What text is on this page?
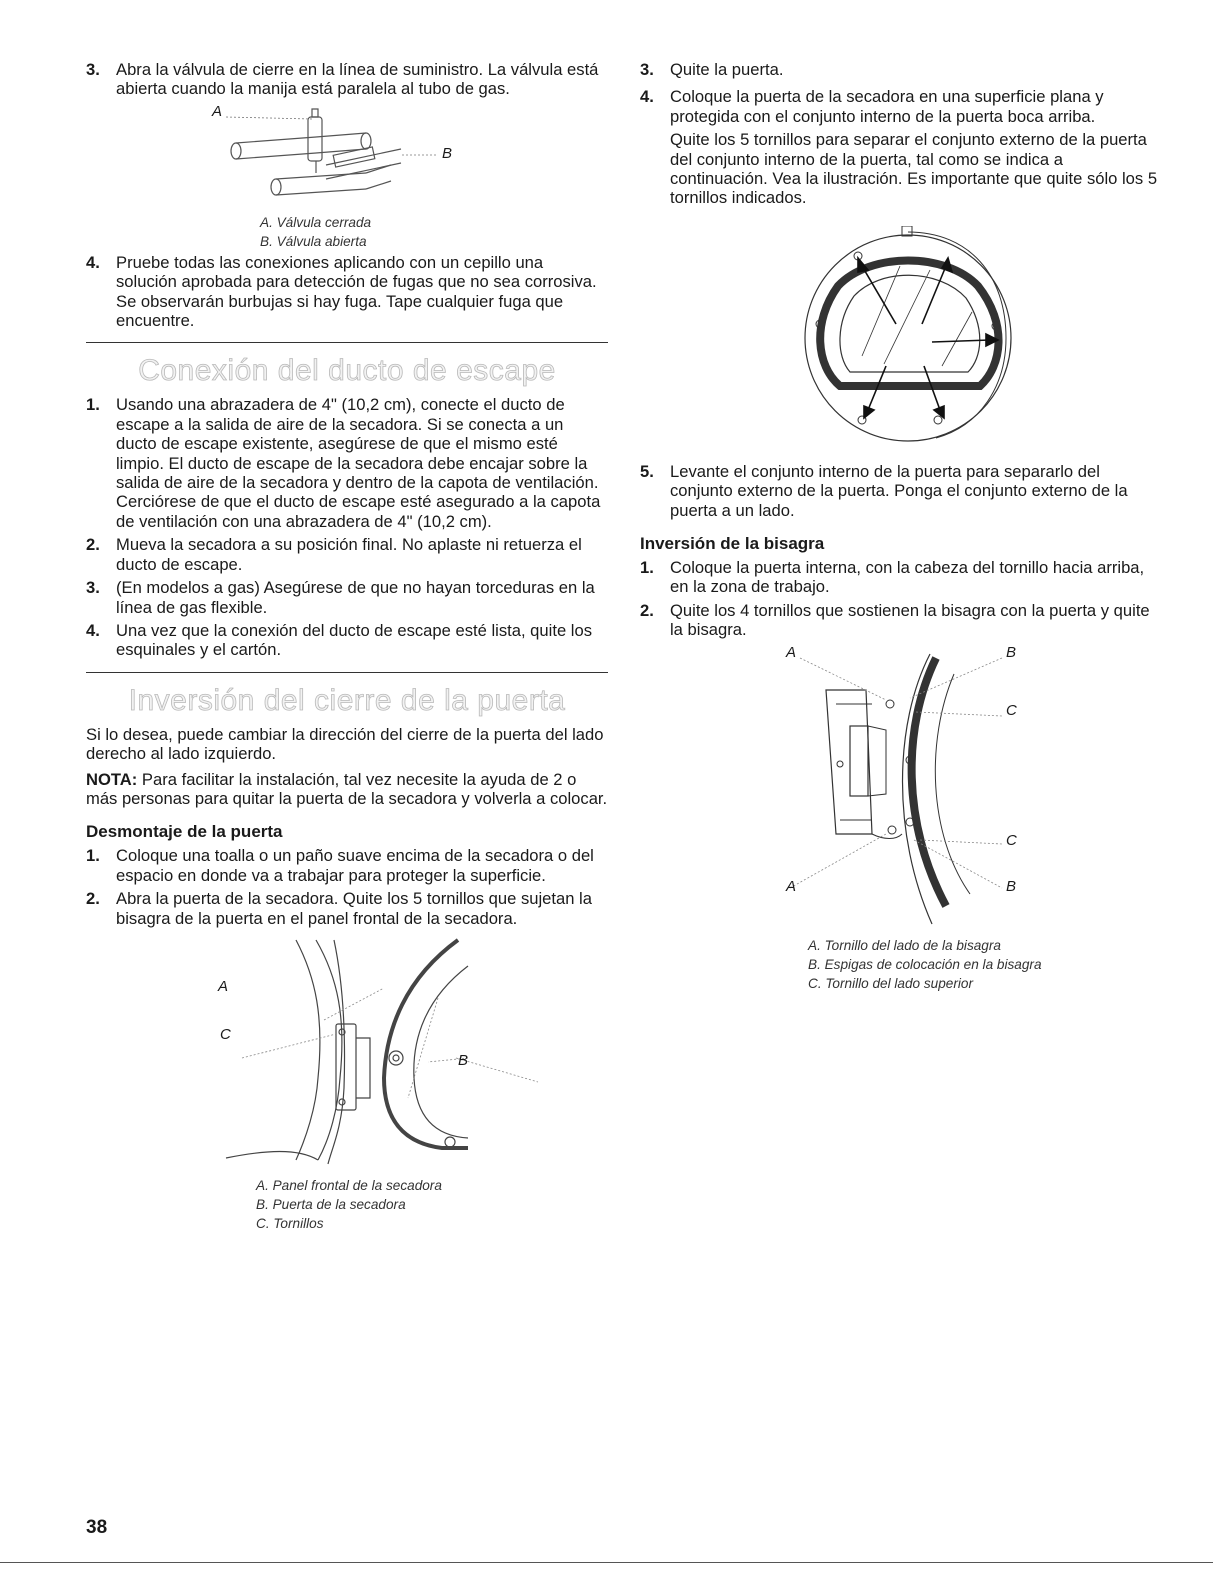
3. Abra la válvula de cierre en la línea de suministro. La válvula está abierta cuando la manija está paralela al tubo de gas.
A
B
A. Válvula cerrada
B. Válvula abierta
4. Pruebe todas las conexiones aplicando con un cepillo una solución aprobada para detección de fugas que no sea corrosiva. Se observarán burbujas si hay fuga. Tape cualquier fuga que encuentre.
Conexión del ducto de escape
1. Usando una abrazadera de 4" (10,2 cm), conecte el ducto de escape a la salida de aire de la secadora. Si se conecta a un ducto de escape existente, asegúrese de que el mismo esté limpio. El ducto de escape de la secadora debe encajar sobre la salida de aire de la secadora y dentro de la capota de ventilación. Cerciórese de que el ducto de escape esté asegurado a la capota de ventilación con una abrazadera de 4" (10,2 cm).
2. Mueva la secadora a su posición final. No aplaste ni retuerza el ducto de escape.
3. (En modelos a gas) Asegúrese de que no hayan torceduras en la línea de gas flexible.
4. Una vez que la conexión del ducto de escape esté lista, quite los esquinales y el cartón.
Inversión del cierre de la puerta

Si lo desea, puede cambiar la dirección del cierre de la puerta del lado derecho al lado izquierdo.

NOTA: Para facilitar la instalación, tal vez necesite la ayuda de 2 o más personas para quitar la puerta de la secadora y volverla a colocar.

Desmontaje de la puerta
1. Coloque una toalla o un paño suave encima de la secadora o del espacio en donde va a trabajar para proteger la superficie.
2. Abra la puerta de la secadora. Quite los 5 tornillos que sujetan la bisagra de la puerta en el panel frontal de la secadora.
A
C
B
A. Panel frontal de la secadora
B. Puerta de la secadora
C. Tornillos
3. Quite la puerta.

4. Coloque la puerta de la secadora en una superficie plana y protegida con el conjunto interno de la puerta boca arriba.

Quite los 5 tornillos para separar el conjunto externo de la puerta del conjunto interno de la puerta, tal como se indica a continuación. Vea la ilustración. Es importante que quite sólo los 5 tornillos indicados.

5. Levante el conjunto interno de la puerta para separarlo del conjunto externo de la puerta. Ponga el conjunto externo de la puerta a un lado.
Inversión de la bisagra
1. Coloque la puerta interna, con la cabeza del tornillo hacia arriba, en la zona de trabajo.
2. Quite los 4 tornillos que sostienen la bisagra con la puerta y quite la bisagra.
A	B
C
C
A	B
A. Tornillo del lado de la bisagra
B. Espigas de colocación en la bisagra
C. Tornillo del lado superior
38
